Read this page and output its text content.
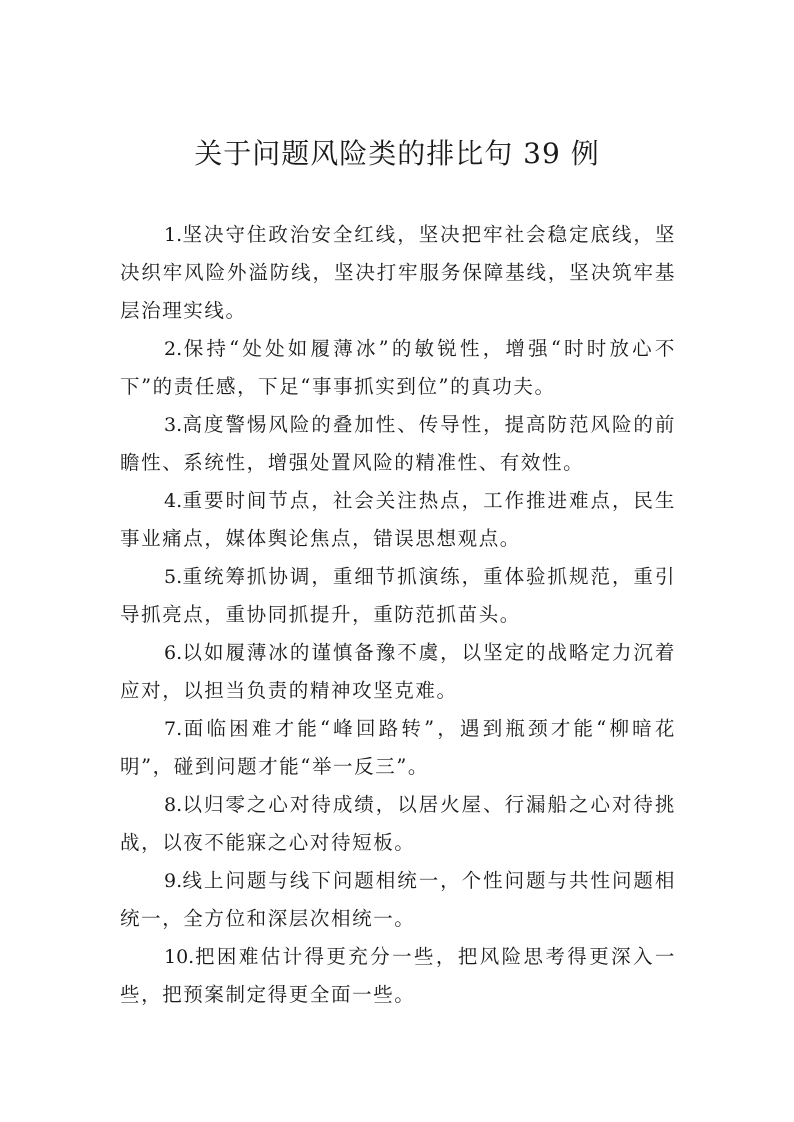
关于问题风险类的排比句 39 例

1.坚决守住政治安全红线，坚决把牢社会稳定底线，坚决织牢风险外溢防线，坚决打牢服务保障基线，坚决筑牢基层治理实线。

2.保持“处处如履薄冰”的敏锐性，增强“时时放心不下”的责任感，下足“事事抓实到位”的真功夫。

3.高度警惕风险的叠加性、传导性，提高防范风险的前瞻性、系统性，增强处置风险的精准性、有效性。

4.重要时间节点，社会关注热点，工作推进难点，民生事业痛点，媒体舆论焦点，错误思想观点。

5.重统筹抓协调，重细节抓演练，重体验抓规范，重引导抓亮点，重协同抓提升，重防范抓苗头。

6.以如履薄冰的谨慎备豫不虞，以坚定的战略定力沉着应对，以担当负责的精神攻坚克难。

7.面临困难才能“峰回路转”，遇到瓶颈才能“柳暗花明”，碰到问题才能“举一反三”。

8.以归零之心对待成绩，以居火屋、行漏船之心对待挑战，以夜不能寐之心对待短板。

9.线上问题与线下问题相统一，个性问题与共性问题相统一，全方位和深层次相统一。

10.把困难估计得更充分一些，把风险思考得更深入一些，把预案制定得更全面一些。
